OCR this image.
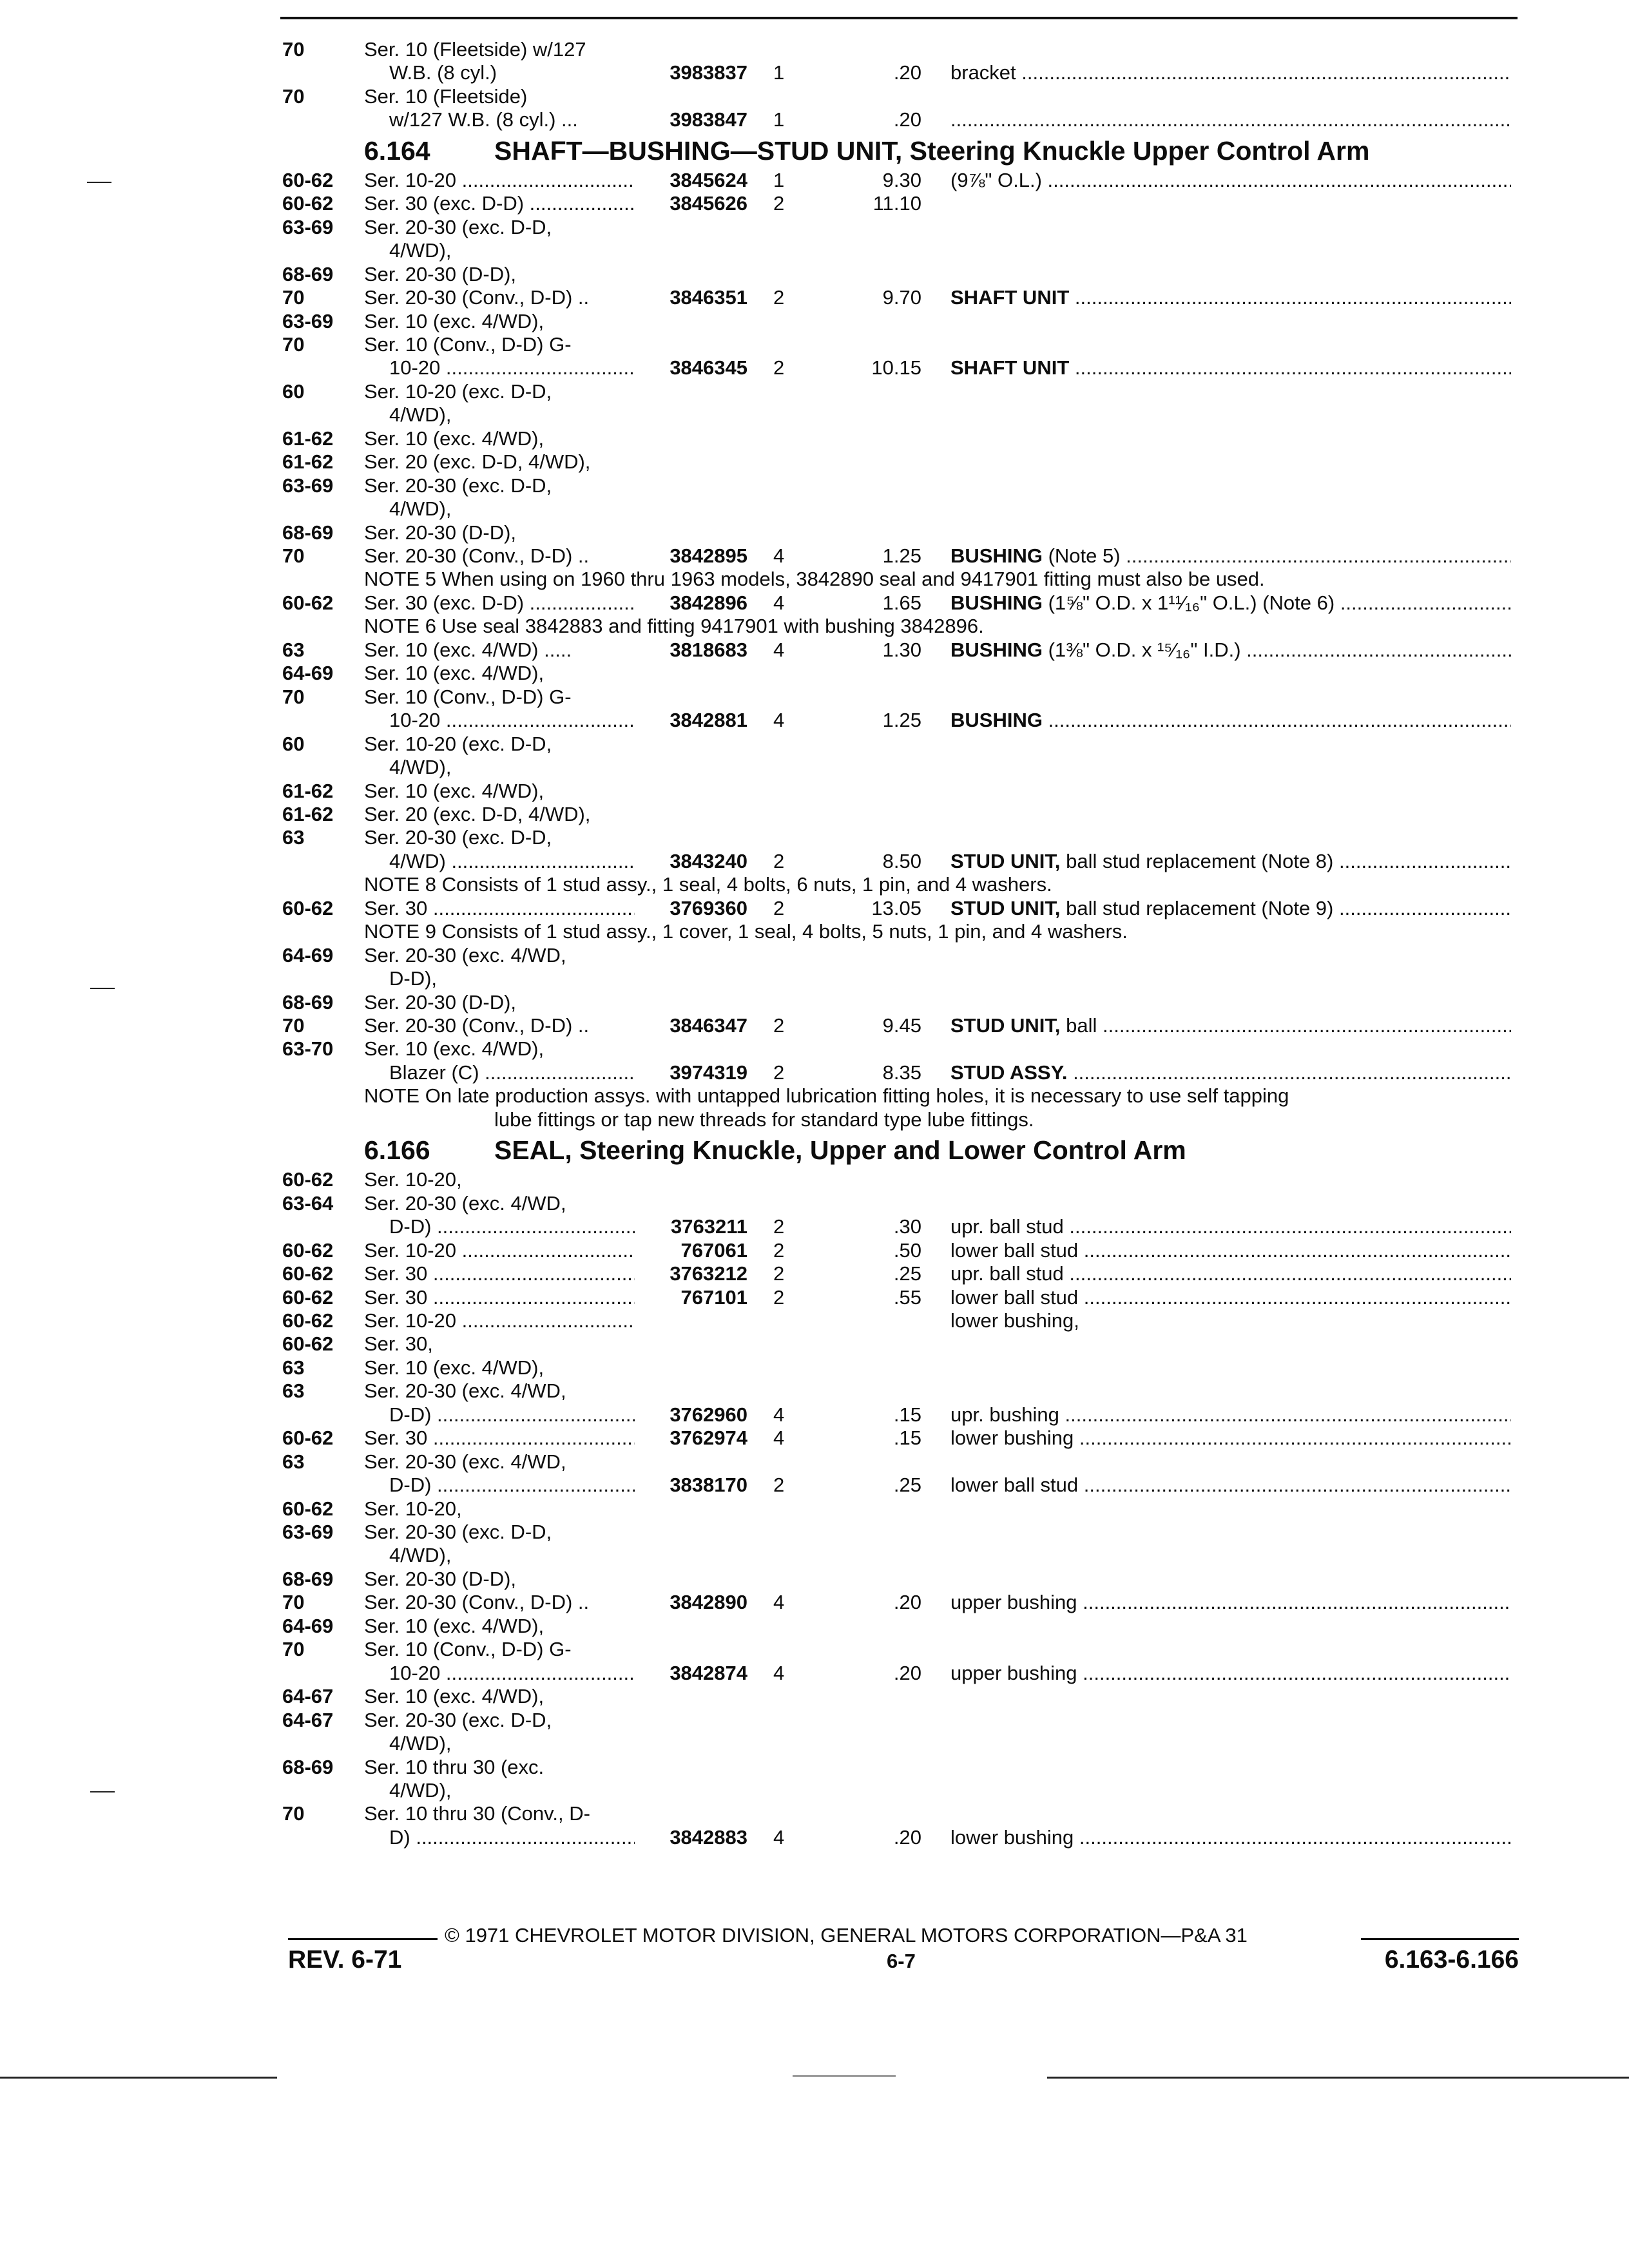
70	Ser. 10 (Fleetside) w/127
W.B. (8 cyl.)	3983837 1	.20 bracket .....
70	Ser. 10 (Fleetside)
w/127 W.B. (8 cyl.) ...	3983847 1	.20
.....
6.164 SHAFT—BUSHING—STUD UNIT, Steering Knuckle Upper Control Arm
60-62 Ser. 10-20 .....	3845624 1	9.30 (9⅞" O.L.) .....
60-62 Ser. 30 (exc. D-D) .....	3845626 2	11.10
63-69 Ser. 20-30 (exc. D-D,
4/WD),
68-69 Ser. 20-30 (D-D),
70	Ser. 20-30 (Conv., D-D) ..	3846351 2	9.70 SHAFT UNIT .....
63-69 Ser. 10 (exc. 4/WD),
70	Ser. 10 (Conv., D-D) G-
10-20 .....	3846345 2	10.15 SHAFT UNIT .....
60	Ser. 10-20 (exc. D-D,
4/WD),
61-62 Ser. 10 (exc. 4/WD),
61-62 Ser. 20 (exc. D-D, 4/WD),
63-69 Ser. 20-30 (exc. D-D,
4/WD),
68-69 Ser. 20-30 (D-D),
70	Ser. 20-30 (Conv., D-D) ..	3842895 4	1.25 BUSHING (Note 5) .....
NOTE 5 When using on 1960 thru 1963 models, 3842890 seal and 9417901 fitting must also be used.
60-62 Ser. 30 (exc. D-D) .....	3842896 4	1.65 BUSHING (1⅝" O.D. x 1¹¹⁄₁₆" O.L.) (Note 6) .....
NOTE 6 Use seal 3842883 and fitting 9417901 with bushing 3842896.
63	Ser. 10 (exc. 4/WD) .....	3818683 4	1.30 BUSHING (1⅜" O.D. x ¹⁵⁄₁₆" I.D.) .....
64-69 Ser. 10 (exc. 4/WD),
70	Ser. 10 (Conv., D-D) G-
10-20 .....	3842881 4	1.25 BUSHING .....
60	Ser. 10-20 (exc. D-D,
4/WD),
61-62 Ser. 10 (exc. 4/WD),
61-62 Ser. 20 (exc. D-D, 4/WD),
63	Ser. 20-30 (exc. D-D,
4/WD) .....	3843240 2	8.50 STUD UNIT, ball stud replacement (Note 8) .....
NOTE 8 Consists of 1 stud assy., 1 seal, 4 bolts, 6 nuts, 1 pin, and 4 washers.
60-62 Ser. 30 .....	3769360 2	13.05 STUD UNIT, ball stud replacement (Note 9) .....
NOTE 9 Consists of 1 stud assy., 1 cover, 1 seal, 4 bolts, 5 nuts, 1 pin, and 4 washers.
64-69 Ser. 20-30 (exc. 4/WD,
D-D),
68-69 Ser. 20-30 (D-D),
70	Ser. 20-30 (Conv., D-D) ..	3846347 2	9.45 STUD UNIT, ball .....
63-70 Ser. 10 (exc. 4/WD),
Blazer (C) .....	3974319 2	8.35 STUD ASSY. .....
NOTE On late production assys. with untapped lubrication fitting holes, it is necessary to use self tapping
lube fittings or tap new threads for standard type lube fittings.
6.166 SEAL, Steering Knuckle, Upper and Lower Control Arm
60-62 Ser. 10-20,
63-64 Ser. 20-30 (exc. 4/WD,
D-D) .....	3763211 2	.30 upr. ball stud .....
60-62 Ser. 10-20 .....	767061 2	.50 lower ball stud .....
60-62 Ser. 30 .....	3763212 2	.25 upr. ball stud .....
60-62 Ser. 30 .....	767101 2	.55 lower ball stud .....
60-62 Ser. 10-20 .....	lower bushing,
60-62 Ser. 30,
63	Ser. 10 (exc. 4/WD),
63	Ser. 20-30 (exc. 4/WD,
D-D) .....	3762960 4	.15 upr. bushing .....
60-62 Ser. 30 .....	3762974 4	.15 lower bushing .....
63	Ser. 20-30 (exc. 4/WD,
D-D) .....	3838170 2	.25 lower ball stud .....
60-62 Ser. 10-20,
63-69 Ser. 20-30 (exc. D-D,
4/WD),
68-69 Ser. 20-30 (D-D),
70	Ser. 20-30 (Conv., D-D) ..	3842890 4	.20 upper bushing .....
64-69 Ser. 10 (exc. 4/WD),
70	Ser. 10 (Conv., D-D) G-
10-20 .....	3842874 4	.20 upper bushing .....
64-67 Ser. 10 (exc. 4/WD),
64-67 Ser. 20-30 (exc. D-D,
4/WD),
68-69 Ser. 10 thru 30 (exc.
4/WD),
70	Ser. 10 thru 30 (Conv., D-
D) .....	3842883 4	.20 lower bushing .....
© 1971 CHEVROLET MOTOR DIVISION, GENERAL MOTORS CORPORATION—P&A 31
REV. 6-71	6-7	6.163-6.166
